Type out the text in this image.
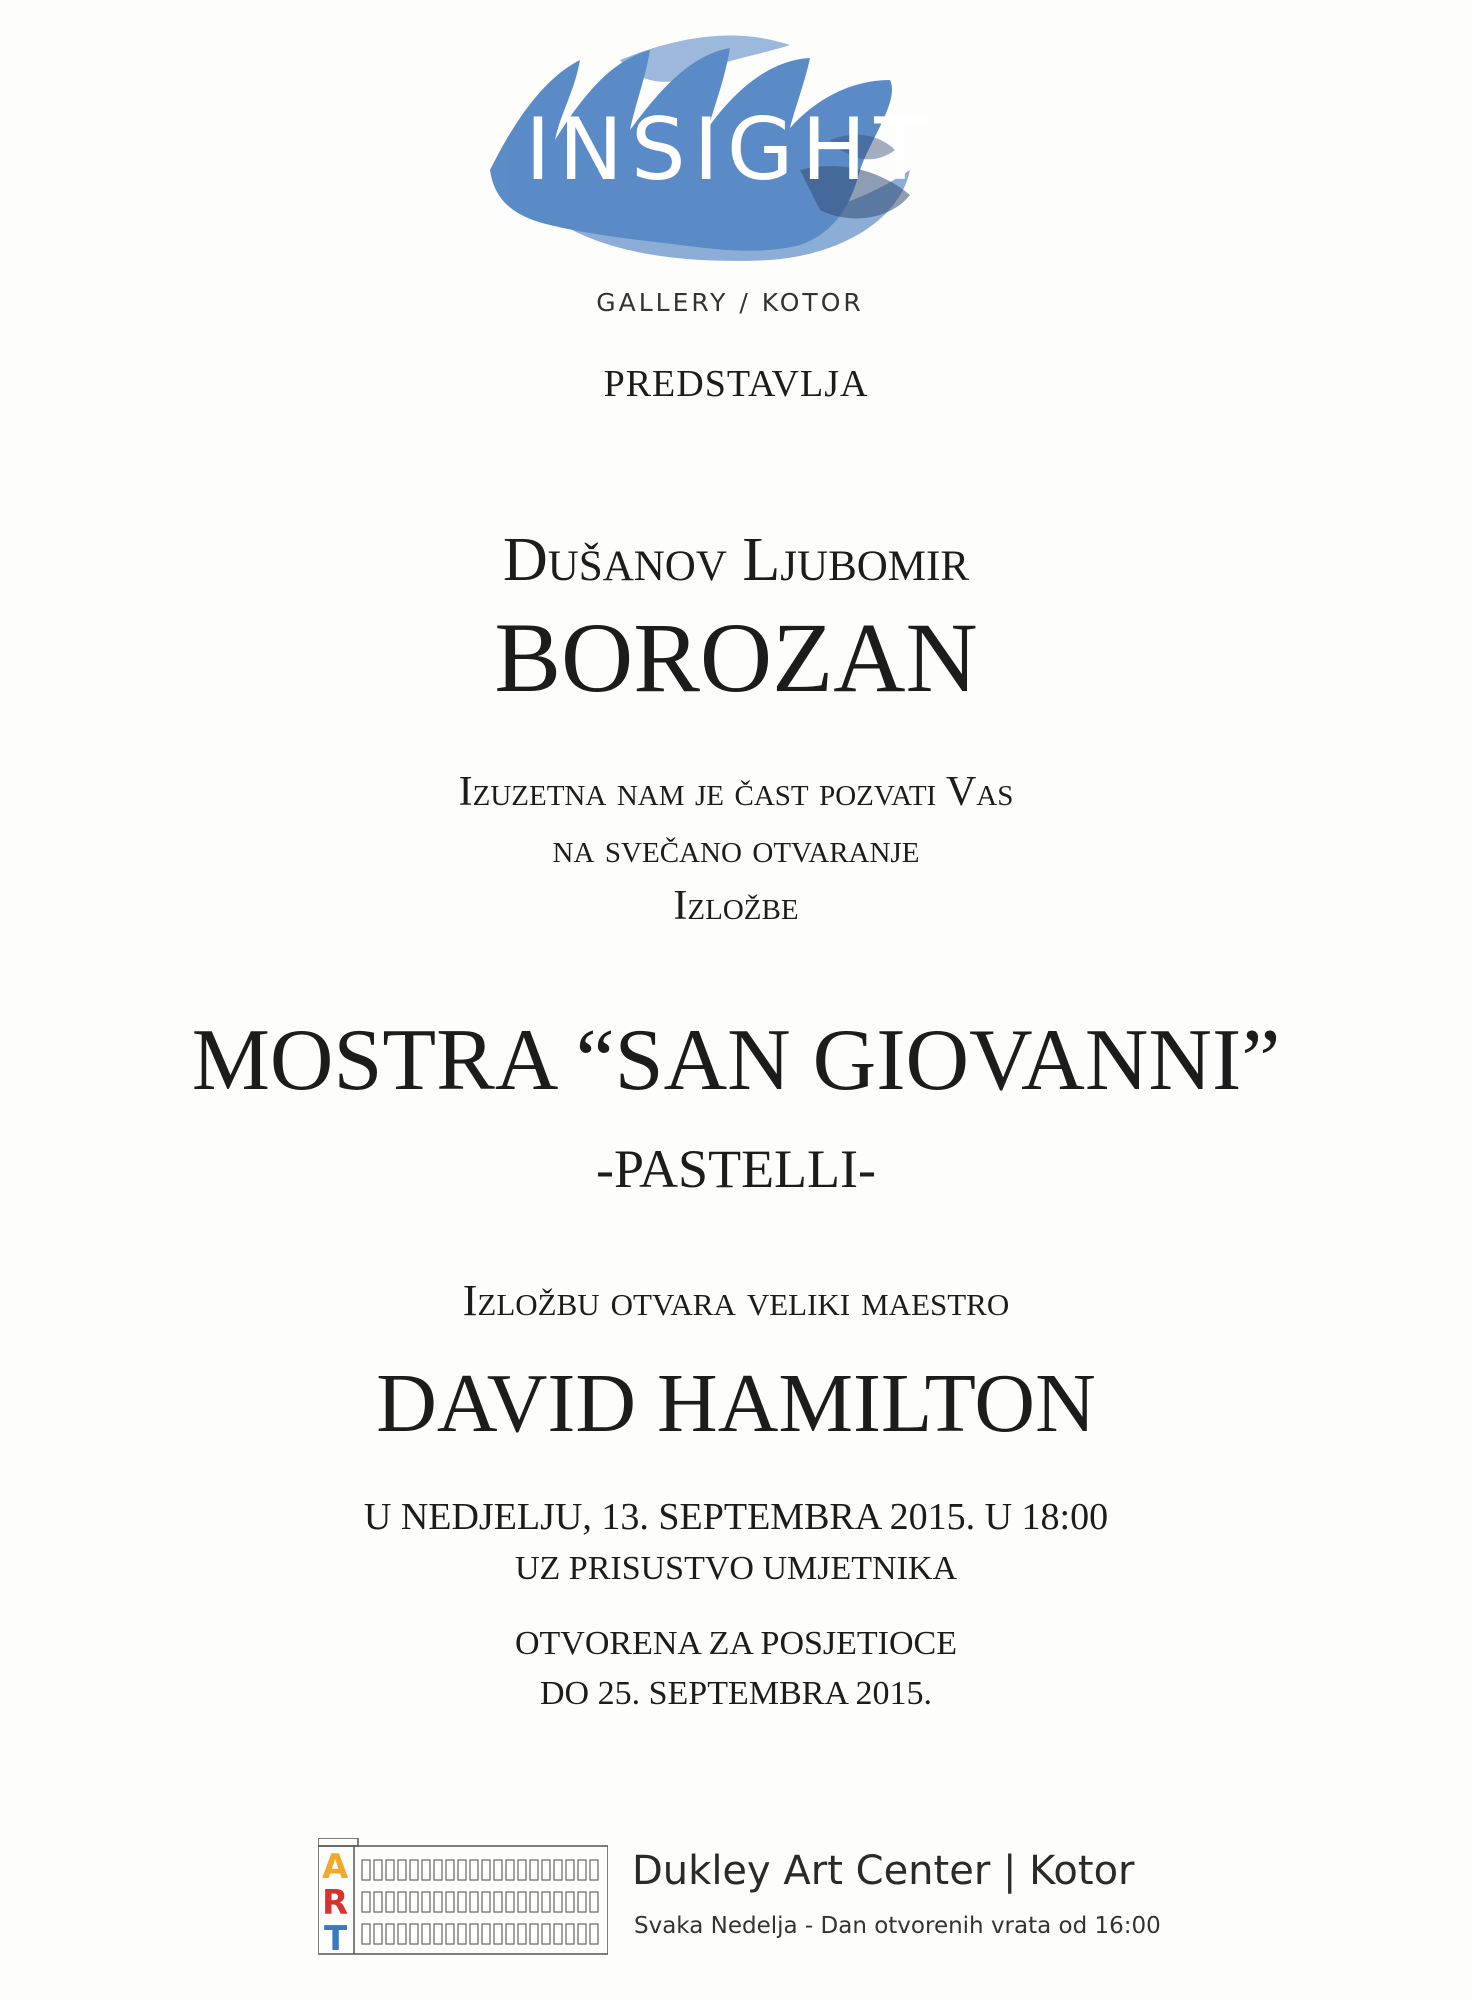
INSIGHT
GALLERY / KOTOR
PREDSTAVLJA
Dušanov Ljubomir
BOROZAN
Izuzetna nam je čast pozvati Vas
na svečano otvaranje
Izložbe
MOSTRA “SAN GIOVANNI”
-PASTELLI-
Izložbu otvara veliki maestro
DAVID HAMILTON
U NEDJELJU, 13. SEPTEMBRA 2015. U 18:00
UZ PRISUSTVO UMJETNIKA
OTVORENA ZA POSJETIOCE
DO 25. SEPTEMBRA 2015.
A
R
T
Dukley Art Center | Kotor
Svaka Nedelja - Dan otvorenih vrata od 16:00
